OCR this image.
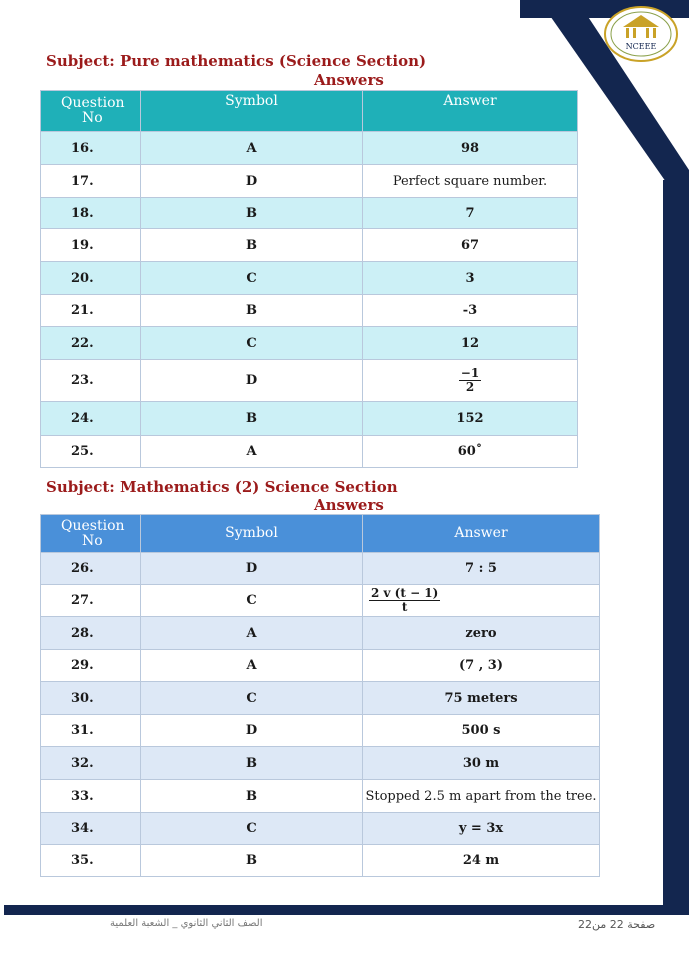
NCEEE
Subject: Pure mathematics (Science Section)
Answers
Question
No	Symbol	Answer
16.	A	98
17.	D	Perfect square number.
18.	B	7
19.	B	67
20.	C	3
21.	B	-3
22.	C	12
23.	D	$\frac{-1}{2}$

24.	B	152
25.	A	60˚
Subject: Mathematics (2) Science Section
Answers
Question
No	Symbol	Answer
26.	D	7 : 5
27.	C	$\frac{2 v (t - 1)}{t}$

28.	A	zero
29.	A	(7 , 3)
30.	C	75 meters
31.	D	500 s
32.	B	30 m
33.	B	Stopped 2.5 m apart from the tree.
34.	C	y = 3x
35.	B	24 m
الصف الثاني الثانوي _ الشعبة العلمية	صفحة 22 من22
